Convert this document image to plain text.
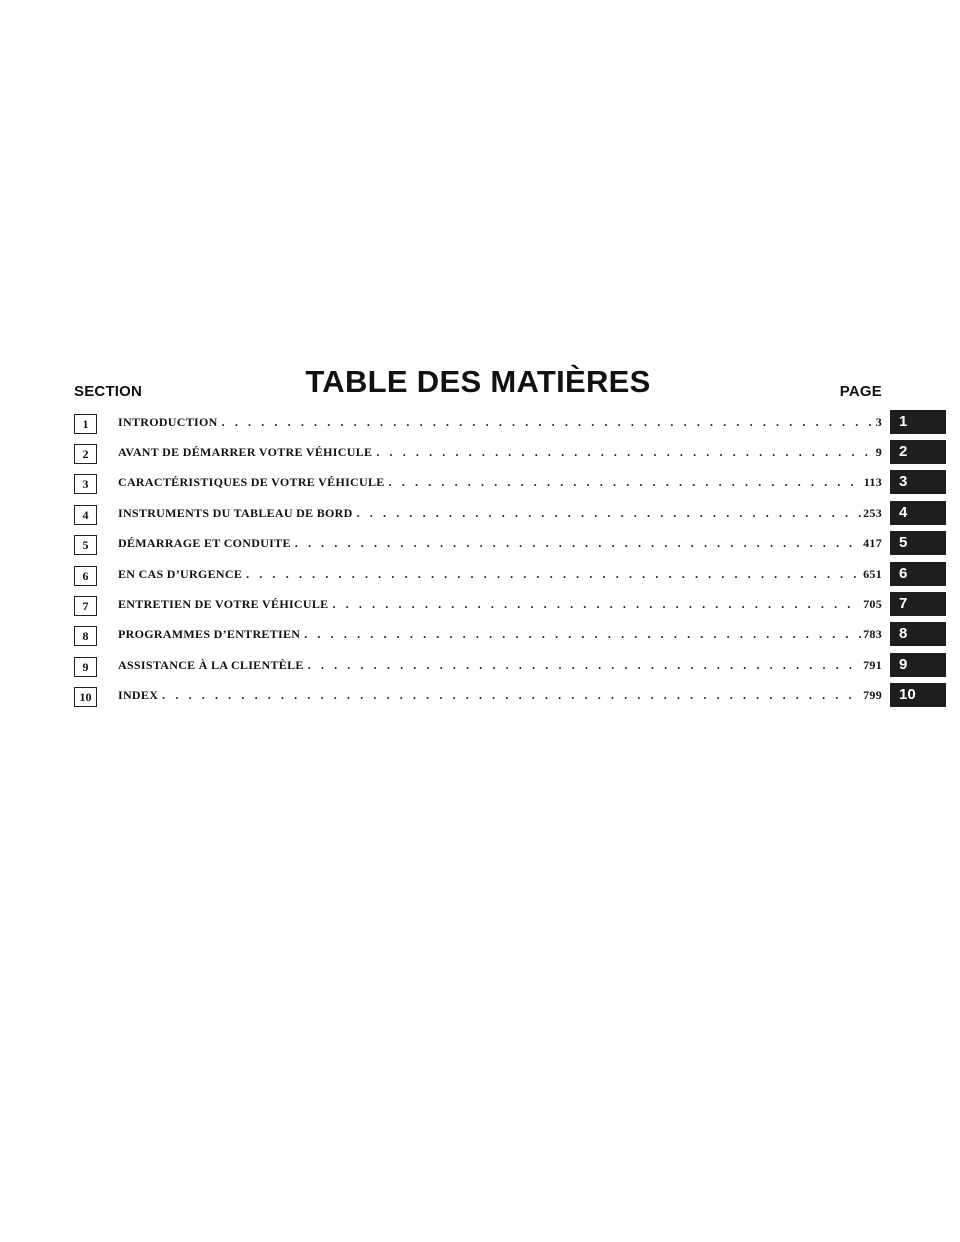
SECTION	TABLE DES MATIÈRES	PAGE
1	INTRODUCTION . . .	3	1
2	AVANT DE DÉMARRER VOTRE VÉHICULE . . .	9	2
3	CARACTÉRISTIQUES DE VOTRE VÉHICULE . . .	113	3
4	INSTRUMENTS DU TABLEAU DE BORD . . .	253	4
5	DÉMARRAGE ET CONDUITE . . .	417	5
6	EN CAS D’URGENCE . . .	651	6
7	ENTRETIEN DE VOTRE VÉHICULE . . .	705	7
8	PROGRAMMES D’ENTRETIEN . . .	783	8
9	ASSISTANCE À LA CLIENTÈLE . . .	791	9
10	INDEX . . .	799	10
